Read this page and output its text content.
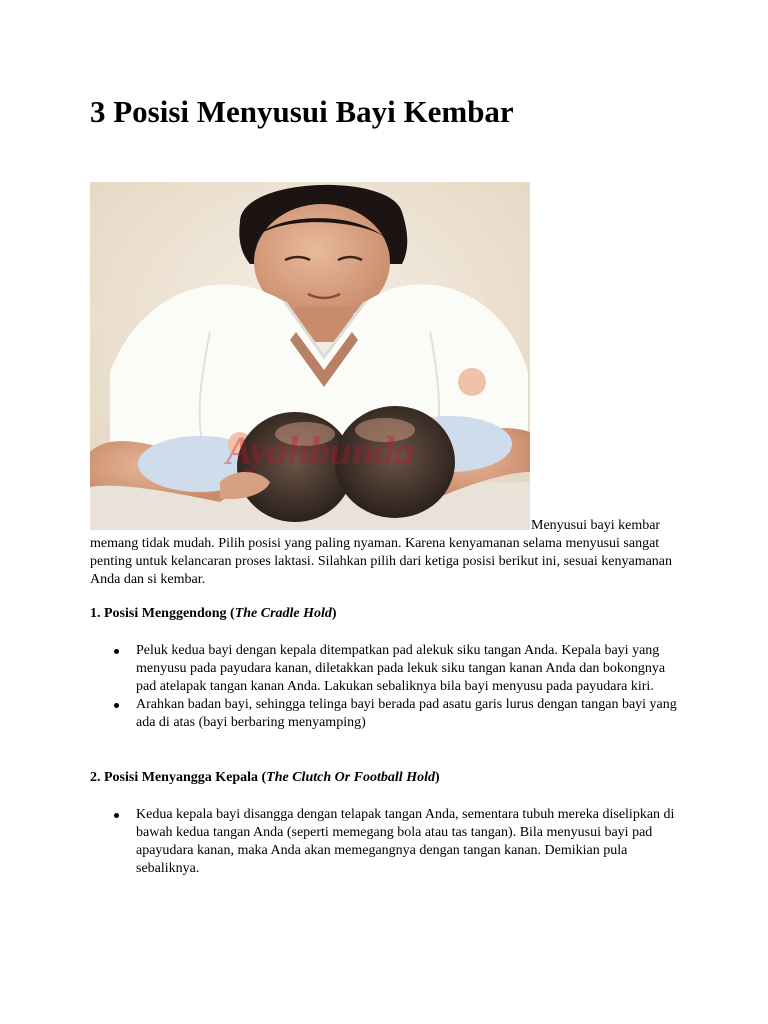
3 Posisi Menyusui Bayi Kembar
Ayahbunda

Menyusui bayi kembar memang tidak mudah. Pilih posisi yang paling nyaman. Karena kenyamanan selama menyusui sangat penting untuk kelancaran proses laktasi. Silahkan pilih dari ketiga posisi berikut ini, sesuai kenyamanan Anda dan si kembar.

1. Posisi Menggendong (The Cradle Hold)

Peluk kedua bayi dengan kepala ditempatkan pad alekuk siku tangan Anda. Kepala bayi yang menyusu pada payudara kanan, diletakkan pada lekuk siku tangan kanan Anda dan bokongnya pad atelapak tangan kanan Anda. Lakukan sebaliknya bila bayi menyusu pada payudara kiri.
Arahkan badan bayi, sehingga telinga bayi berada pad asatu garis lurus dengan tangan bayi yang ada di atas (bayi berbaring menyamping)

2. Posisi Menyangga Kepala (The Clutch Or Football Hold)

Kedua kepala bayi disangga dengan telapak tangan Anda, sementara tubuh mereka diselipkan di bawah kedua tangan Anda (seperti memegang bola atau tas tangan). Bila menyusui bayi pad apayudara kanan, maka Anda akan memegangnya dengan tangan kanan. Demikian pula sebaliknya.
